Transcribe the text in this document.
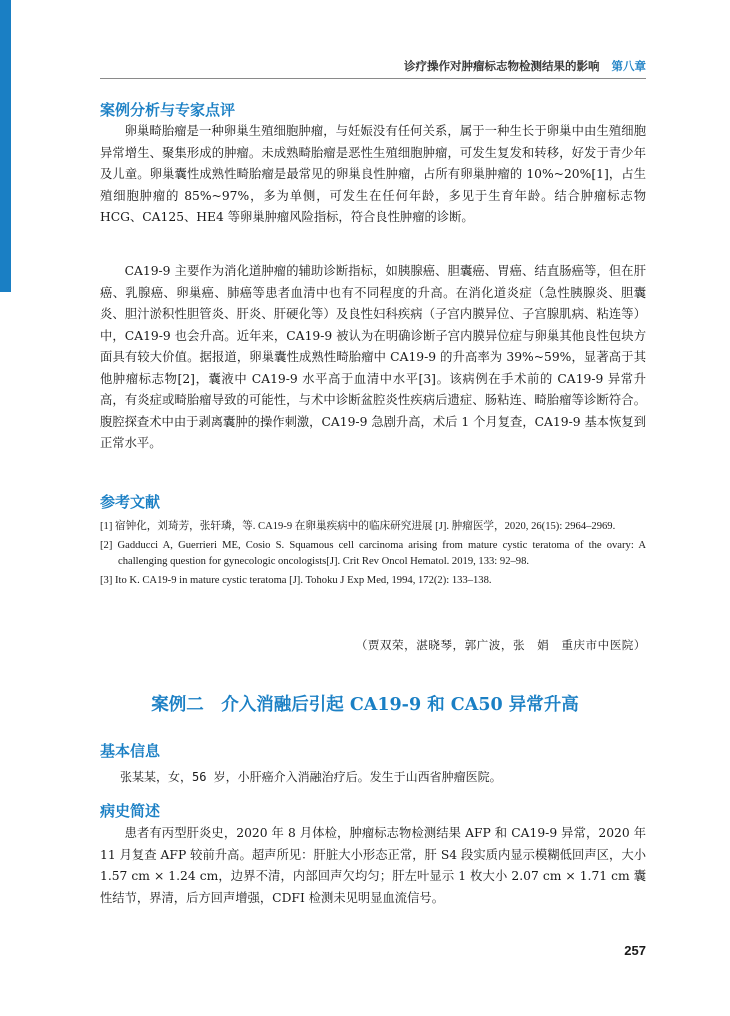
诊疗操作对肿瘤标志物检测结果的影响 第八章
案例分析与专家点评

卵巢畸胎瘤是一种卵巢生殖细胞肿瘤，与妊娠没有任何关系，属于一种生长于卵巢中由生殖细胞异常增生、聚集形成的肿瘤。未成熟畸胎瘤是恶性生殖细胞肿瘤，可发生复发和转移，好发于青少年及儿童。卵巢囊性成熟性畸胎瘤是最常见的卵巢良性肿瘤，占所有卵巢肿瘤的 10%~20%[1]，占生殖细胞肿瘤的 85%~97%，多为单侧，可发生在任何年龄，多见于生育年龄。结合肿瘤标志物 HCG、CA125、HE4 等卵巢肿瘤风险指标，符合良性肿瘤的诊断。

CA19-9 主要作为消化道肿瘤的辅助诊断指标，如胰腺癌、胆囊癌、胃癌、结直肠癌等，但在肝癌、乳腺癌、卵巢癌、肺癌等患者血清中也有不同程度的升高。在消化道炎症（急性胰腺炎、胆囊炎、胆汁淤积性胆管炎、肝炎、肝硬化等）及良性妇科疾病（子宫内膜异位、子宫腺肌病、粘连等）中，CA19-9 也会升高。近年来，CA19-9 被认为在明确诊断子宫内膜异位症与卵巢其他良性包块方面具有较大价值。据报道，卵巢囊性成熟性畸胎瘤中 CA19-9 的升高率为 39%~59%，显著高于其他肿瘤标志物[2]，囊液中 CA19-9 水平高于血清中水平[3]。该病例在手术前的 CA19-9 异常升高，有炎症或畸胎瘤导致的可能性，与术中诊断盆腔炎性疾病后遗症、肠粘连、畸胎瘤等诊断符合。腹腔探查术中由于剥离囊肿的操作刺激，CA19-9 急剧升高，术后 1 个月复查，CA19-9 基本恢复到正常水平。

参考文献
[1] 宿钟化，刘琦芳，张轩璘，等. CA19-9 在卵巢疾病中的临床研究进展 [J]. 肿瘤医学，2020, 26(15): 2964–2969.
[2] Gadducci A, Guerrieri ME, Cosio S. Squamous cell carcinoma arising from mature cystic teratoma of the ovary: A challenging question for gynecologic oncologists[J]. Crit Rev Oncol Hematol. 2019, 133: 92–98.
[3] Ito K. CA19-9 in mature cystic teratoma [J]. Tohoku J Exp Med, 1994, 172(2): 133–138.

（贾双荣，湛晓琴，郭广波，张　娟　重庆市中医院）

案例二　介入消融后引起 CA19-9 和 CA50 异常升高
基本信息

张某某，女，56 岁，小肝癌介入消融治疗后。发生于山西省肿瘤医院。

病史简述

患者有丙型肝炎史，2020 年 8 月体检，肿瘤标志物检测结果 AFP 和 CA19-9 异常，2020 年 11 月复查 AFP 较前升高。超声所见：肝脏大小形态正常，肝 S4 段实质内显示模糊低回声区，大小 1.57 cm × 1.24 cm，边界不清，内部回声欠均匀；肝左叶显示 1 枚大小 2.07 cm × 1.71 cm 囊性结节，界清，后方回声增强，CDFI 检测未见明显血流信号。

257
